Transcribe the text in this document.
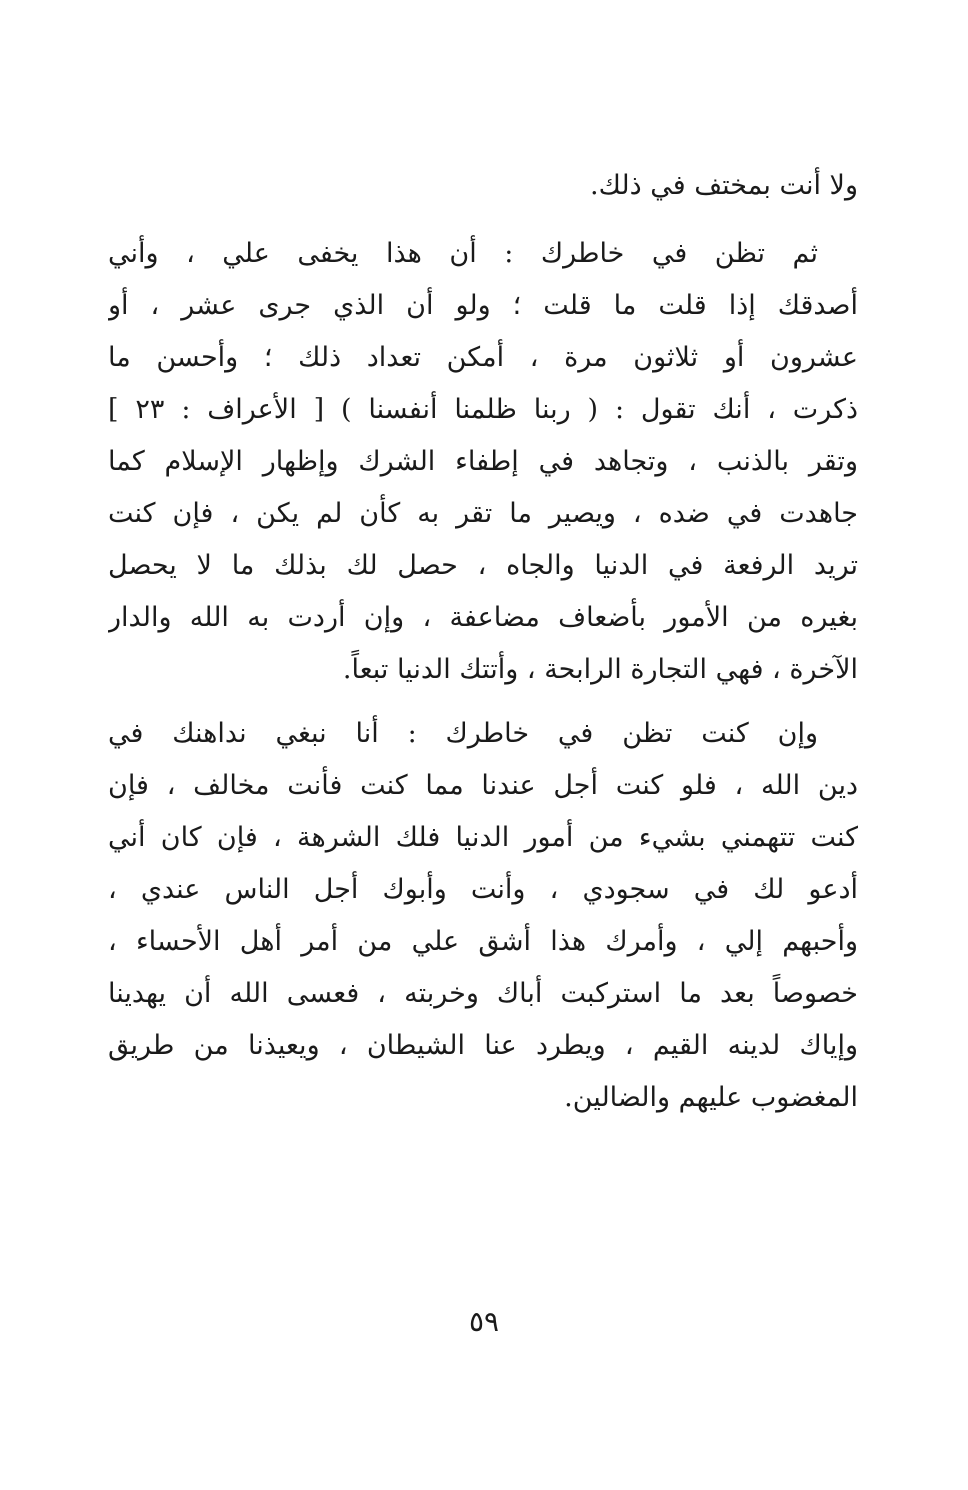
ولا أنت بمختف في ذلك.
ثم تظن في خاطرك : أن هذا يخفى علي ، وأني
أصدقك إذا قلت ما قلت ؛ ولو أن الذي جرى عشر ، أو
عشرون أو ثلاثون مرة ، أمكن تعداد ذلك ؛ وأحسن ما
ذكرت ، أنك تقول : ( ربنا ظلمنا أنفسنا ) [ الأعراف : ٢٣ ]
وتقر بالذنب ، وتجاهد في إطفاء الشرك وإظهار الإسلام كما
جاهدت في ضده ، ويصير ما تقر به كأن لم يكن ، فإن كنت
تريد الرفعة في الدنيا والجاه ، حصل لك بذلك ما لا يحصل
بغيره من الأمور بأضعاف مضاعفة ، وإن أردت به الله والدار
الآخرة ، فهي التجارة الرابحة ، وأتتك الدنيا تبعاً.
وإن كنت تظن في خاطرك : أنا نبغي نداهنك في
دين الله ، فلو كنت أجل عندنا مما كنت فأنت مخالف ، فإن
كنت تتهمني بشيء من أمور الدنيا فلك الشرهة ، فإن كان أني
أدعو لك في سجودي ، وأنت وأبوك أجل الناس عندي ،
وأحبهم إلي ، وأمرك هذا أشق علي من أمر أهل الأحساء ،
خصوصاً بعد ما استركبت أباك وخربته ، فعسى الله أن يهدينا
وإياك لدينه القيم ، ويطرد عنا الشيطان ، ويعيذنا من طريق
المغضوب عليهم والضالين.
٥٩
